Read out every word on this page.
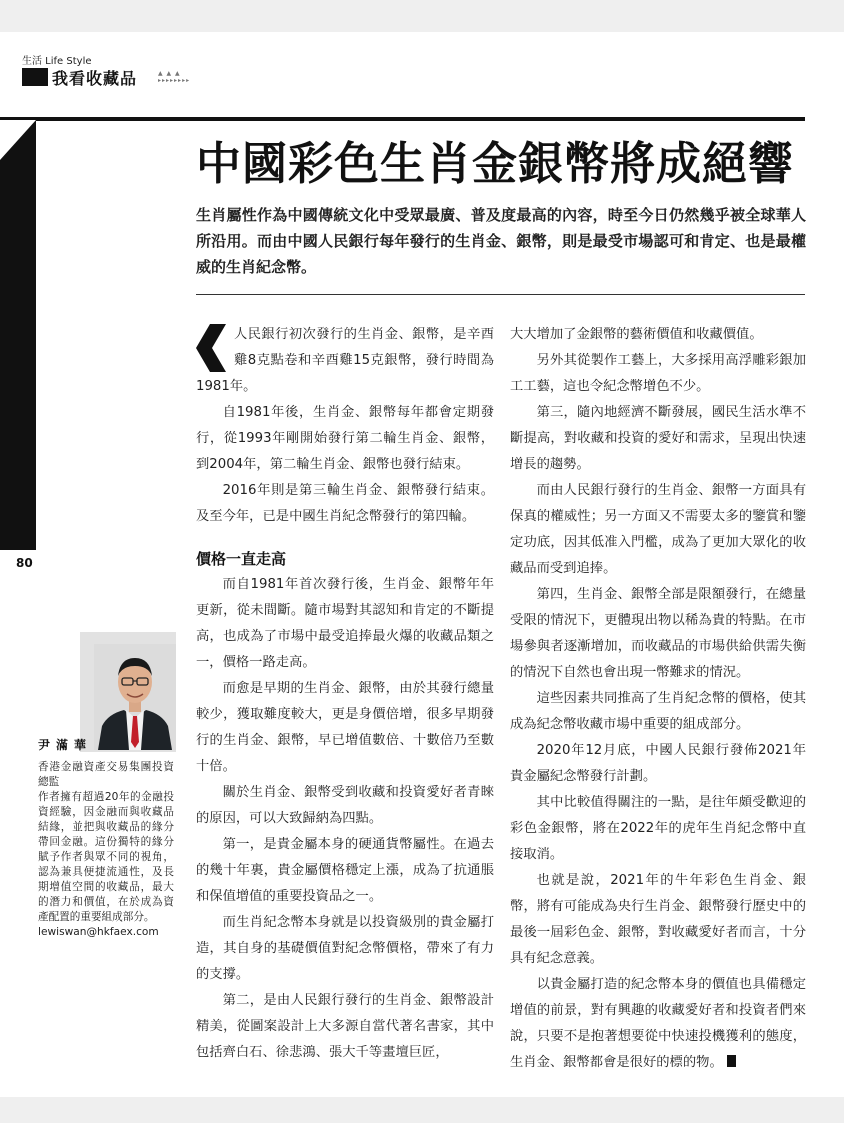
生活 Life Style
我看收藏品	▲ ▲ ▲
▸▸▸▸▸▸▸▸
80
中國彩色生肖金銀幣將成絕響
生肖屬性作為中國傳統文化中受眾最廣、普及度最高的內容，時至今日仍然幾乎被全球華人所沿用。而由中國人民銀行每年發行的生肖金、銀幣，則是最受市場認可和肯定、也是最權威的生肖紀念幣。

人民銀行初次發行的生肖金、銀幣，是辛酉雞8克點卷和辛酉雞15克銀幣，發行時間為1981年。

自1981年後，生肖金、銀幣每年都會定期發行，從1993年剛開始發行第二輪生肖金、銀幣，到2004年，第二輪生肖金、銀幣也發行結束。

2016年則是第三輪生肖金、銀幣發行結束。及至今年，已是中國生肖紀念幣發行的第四輪。

價格一直走高

而自1981年首次發行後，生肖金、銀幣年年更新，從未間斷。隨市場對其認知和肯定的不斷提高，也成為了市場中最受追捧最火爆的收藏品類之一，價格一路走高。

而愈是早期的生肖金、銀幣，由於其發行總量較少，獲取難度較大，更是身價倍增，很多早期發行的生肖金、銀幣，早已增值數倍、十數倍乃至數十倍。

關於生肖金、銀幣受到收藏和投資愛好者青睞的原因，可以大致歸納為四點。

第一，是貴金屬本身的硬通貨幣屬性。在過去的幾十年裏，貴金屬價格穩定上漲，成為了抗通脹和保值增值的重要投資品之一。

而生肖紀念幣本身就是以投資級別的貴金屬打造，其自身的基礎價值對紀念幣價格，帶來了有力的支撐。

第二，是由人民銀行發行的生肖金、銀幣設計精美，從圖案設計上大多源自當代著名書家，其中包括齊白石、徐悲鴻、張大千等畫壇巨匠，

大大增加了金銀幣的藝術價值和收藏價值。

另外其從製作工藝上，大多採用高浮雕彩銀加工工藝，這也令紀念幣增色不少。

第三，隨內地經濟不斷發展，國民生活水準不斷提高，對收藏和投資的愛好和需求，呈現出快速增長的趨勢。

而由人民銀行發行的生肖金、銀幣一方面具有保真的權威性；另一方面又不需要太多的鑒賞和鑒定功底，因其低准入門檻，成為了更加大眾化的收藏品而受到追捧。

第四，生肖金、銀幣全部是限額發行，在總量受限的情況下，更體現出物以稀為貴的特點。在市場參與者逐漸增加，而收藏品的市場供給供需失衡的情況下自然也會出現一幣難求的情況。

這些因素共同推高了生肖紀念幣的價格，使其成為紀念幣收藏市場中重要的組成部分。

2020年12月底，中國人民銀行發佈2021年貴金屬紀念幣發行計劃。

其中比較值得關注的一點，是往年頗受歡迎的彩色金銀幣，將在2022年的虎年生肖紀念幣中直接取消。

也就是說，2021年的牛年彩色生肖金、銀幣，將有可能成為央行生肖金、銀幣發行歷史中的最後一屆彩色金、銀幣，對收藏愛好者而言，十分具有紀念意義。

以貴金屬打造的紀念幣本身的價值也具備穩定增值的前景，對有興趣的收藏愛好者和投資者們來說，只要不是抱著想要從中快速投機獲利的態度，生肖金、銀幣都會是很好的標的物。

尹滿華
香港金融資產交易集團投資總監
作者擁有超過20年的金融投資經驗，因金融而與收藏品結緣，並把與收藏品的緣分帶回金融。這份獨特的緣分賦予作者與眾不同的視角，認為兼具便捷流通性，及長期增值空間的收藏品，最大的潛力和價值，在於成為資產配置的重要組成部分。
lewiswan@hkfaex.com
